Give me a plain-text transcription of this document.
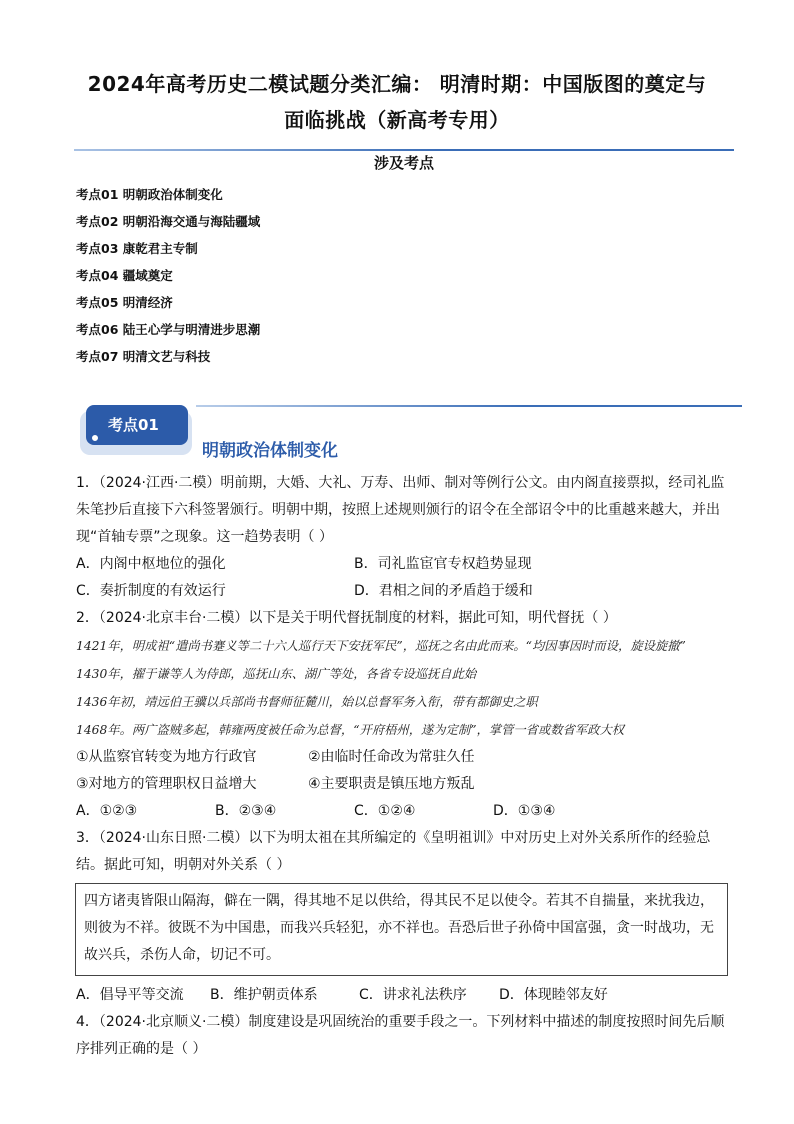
2024年高考历史二模试题分类汇编： 明清时期：中国版图的奠定与

面临挑战（新高考专用）
涉及考点
考点01 明朝政治体制变化
考点02 明朝沿海交通与海陆疆域
考点03 康乾君主专制
考点04 疆域奠定
考点05 明清经济
考点06 陆王心学与明清进步思潮
考点07 明清文艺与科技
考点01
明朝政治体制变化
1．（2024·江西·二模）明前期，大婚、大礼、万寿、出师、制对等例行公文。由内阁直接票拟，经司礼监朱笔抄后直接下六科签署颁行。明朝中期，按照上述规则颁行的诏令在全部诏令中的比重越来越大，并出现“首轴专票”之现象。这一趋势表明（ ）
A．内阁中枢地位的强化	B．司礼监宦官专权趋势显现
C．奏折制度的有效运行	D．君相之间的矛盾趋于缓和
2．（2024·北京丰台·二模）以下是关于明代督抚制度的材料，据此可知，明代督抚（ ）
1421年，明成祖“遣尚书蹇义等二十六人巡行天下安抚军民”，巡抚之名由此而来。“均因事因时而设，旋设旋撤”
1430年，擢于谦等人为侍郎，巡抚山东、湖广等处，各省专设巡抚自此始
1436年初，靖远伯王骥以兵部尚书督师征麓川，始以总督军务入衔，带有都御史之职
1468年。两广盗贼多起，韩雍两度被任命为总督，“开府梧州，遂为定制”，掌管一省或数省军政大权
①从监察官转变为地方行政官	②由临时任命改为常驻久任
③对地方的管理职权日益增大	④主要职责是镇压地方叛乱
A．①②③	B．②③④	C．①②④	D．①③④
3．（2024·山东日照·二模）以下为明太祖在其所编定的《皇明祖训》中对历史上对外关系所作的经验总结。据此可知，明朝对外关系（ ）
四方诸夷皆限山隔海，僻在一隅，得其地不足以供给，得其民不足以使令。若其不自揣量，来扰我边，则彼为不祥。彼既不为中国患，而我兴兵轻犯，亦不祥也。吾恐后世子孙倚中国富强，贪一时战功，无故兴兵，杀伤人命，切记不可。
A．倡导平等交流	B．维护朝贡体系	C．讲求礼法秩序	D．体现睦邻友好
4．（2024·北京顺义·二模）制度建设是巩固统治的重要手段之一。下列材料中描述的制度按照时间先后顺序排列正确的是（ ）
